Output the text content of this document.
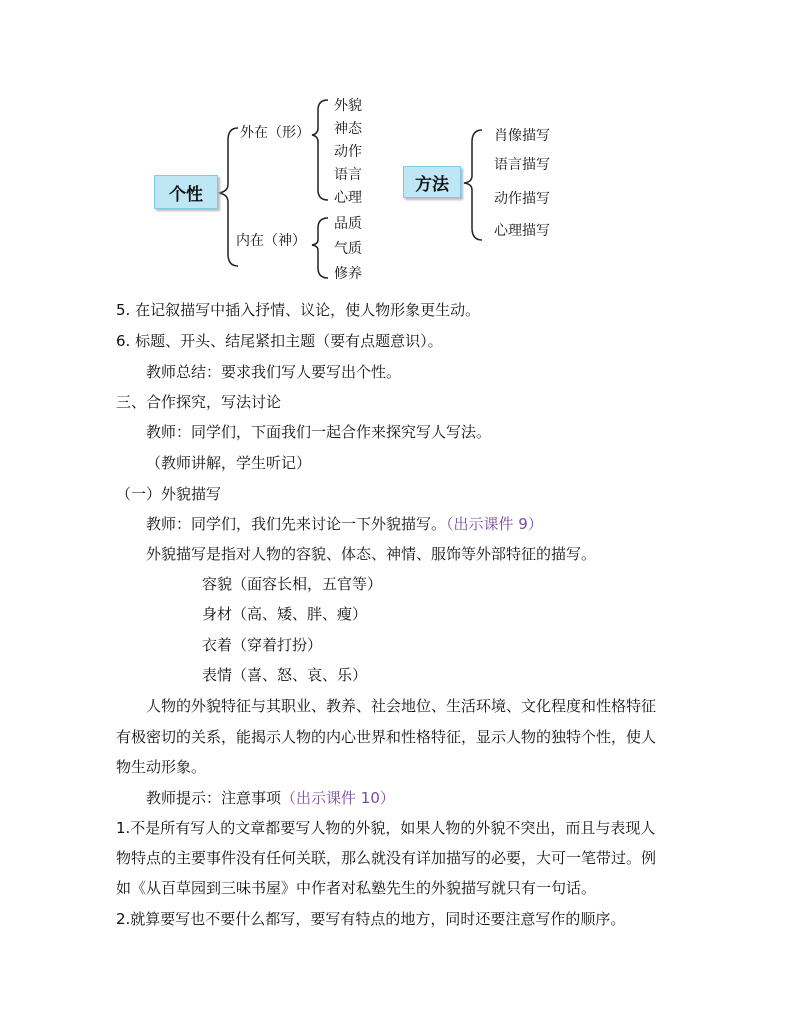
个性
外在（形）
内在（神）
外貌
神态
动作
语言
心理
品质
气质
修养
方法
肖像描写
语言描写
动作描写
心理描写
5. 在记叙描写中插入抒情、议论，使人物形象更生动。
6. 标题、开头、结尾紧扣主题（要有点题意识）。
教师总结：要求我们写人要写出个性。
三、合作探究，写法讨论
教师：同学们，下面我们一起合作来探究写人写法。
（教师讲解，学生听记）
（一）外貌描写
教师：同学们，我们先来讨论一下外貌描写。（出示课件 9）
外貌描写是指对人物的容貌、体态、神情、服饰等外部特征的描写。
容貌（面容长相，五官等）
身材（高、矮、胖、瘦）
衣着（穿着打扮）
表情（喜、怒、哀、乐）
人物的外貌特征与其职业、教养、社会地位、生活环境、文化程度和性格特征
有极密切的关系，能揭示人物的内心世界和性格特征，显示人物的独特个性，使人
物生动形象。
教师提示：注意事项（出示课件 10）
1.不是所有写人的文章都要写人物的外貌，如果人物的外貌不突出，而且与表现人
物特点的主要事件没有任何关联，那么就没有详加描写的必要，大可一笔带过。例
如《从百草园到三味书屋》中作者对私塾先生的外貌描写就只有一句话。
2.就算要写也不要什么都写，要写有特点的地方，同时还要注意写作的顺序。
